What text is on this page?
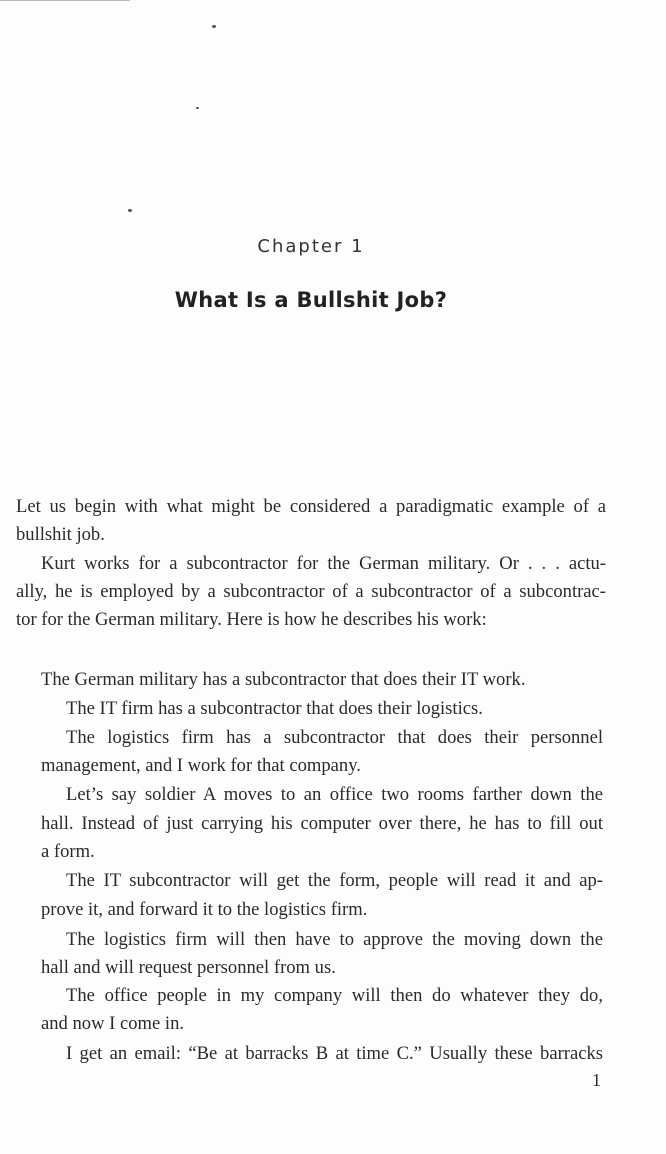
Chapter 1
What Is a Bullshit Job?
Let us begin with what might be considered a paradigmatic example of a
bullshit job.
Kurt works for a subcontractor for the German military. Or . . . actu-
ally, he is employed by a subcontractor of a subcontractor of a subcontrac-
tor for the German military. Here is how he describes his work:
The German military has a subcontractor that does their IT work.
The IT firm has a subcontractor that does their logistics.
The logistics firm has a subcontractor that does their personnel
management, and I work for that company.
Let’s say soldier A moves to an office two rooms farther down the
hall. Instead of just carrying his computer over there, he has to fill out
a form.
The IT subcontractor will get the form, people will read it and ap-
prove it, and forward it to the logistics firm.
The logistics firm will then have to approve the moving down the
hall and will request personnel from us.
The office people in my company will then do whatever they do,
and now I come in.
I get an email: “Be at barracks B at time C.” Usually these barracks
1
